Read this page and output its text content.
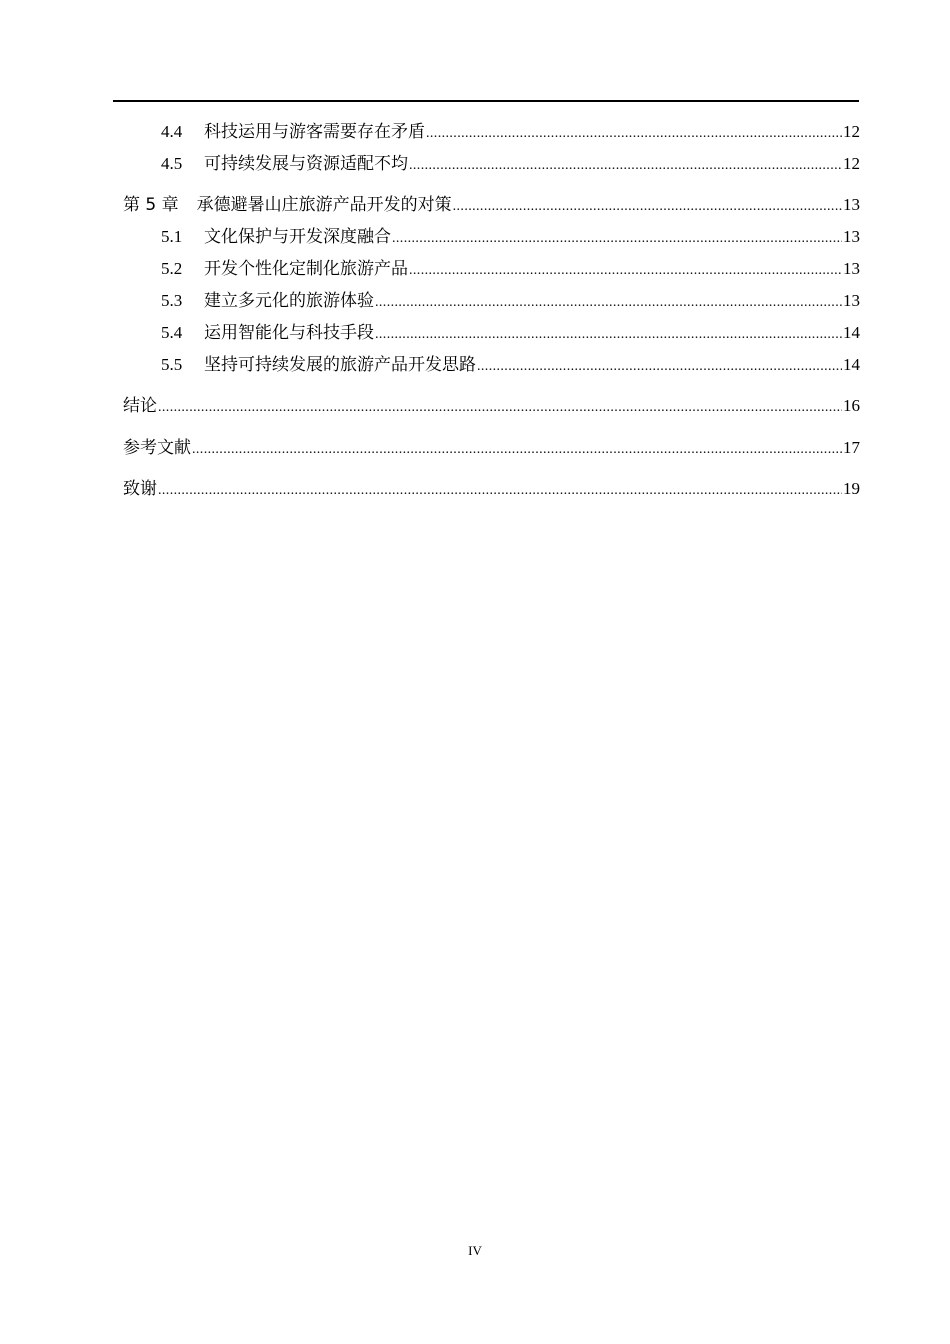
4.4	科技运用与游客需要存在矛盾 .....	12
4.5	可持续发展与资源适配不均 .....	12
第 5 章 承德避暑山庄旅游产品开发的对策 .....	13
5.1	文化保护与开发深度融合 .....	13
5.2	开发个性化定制化旅游产品 .....	13
5.3	建立多元化的旅游体验 .....	13
5.4	运用智能化与科技手段 .....	14
5.5	坚持可持续发展的旅游产品开发思路 .....	14
结论 .....	16
参考文献 .....	17
致谢 .....	19
IV
